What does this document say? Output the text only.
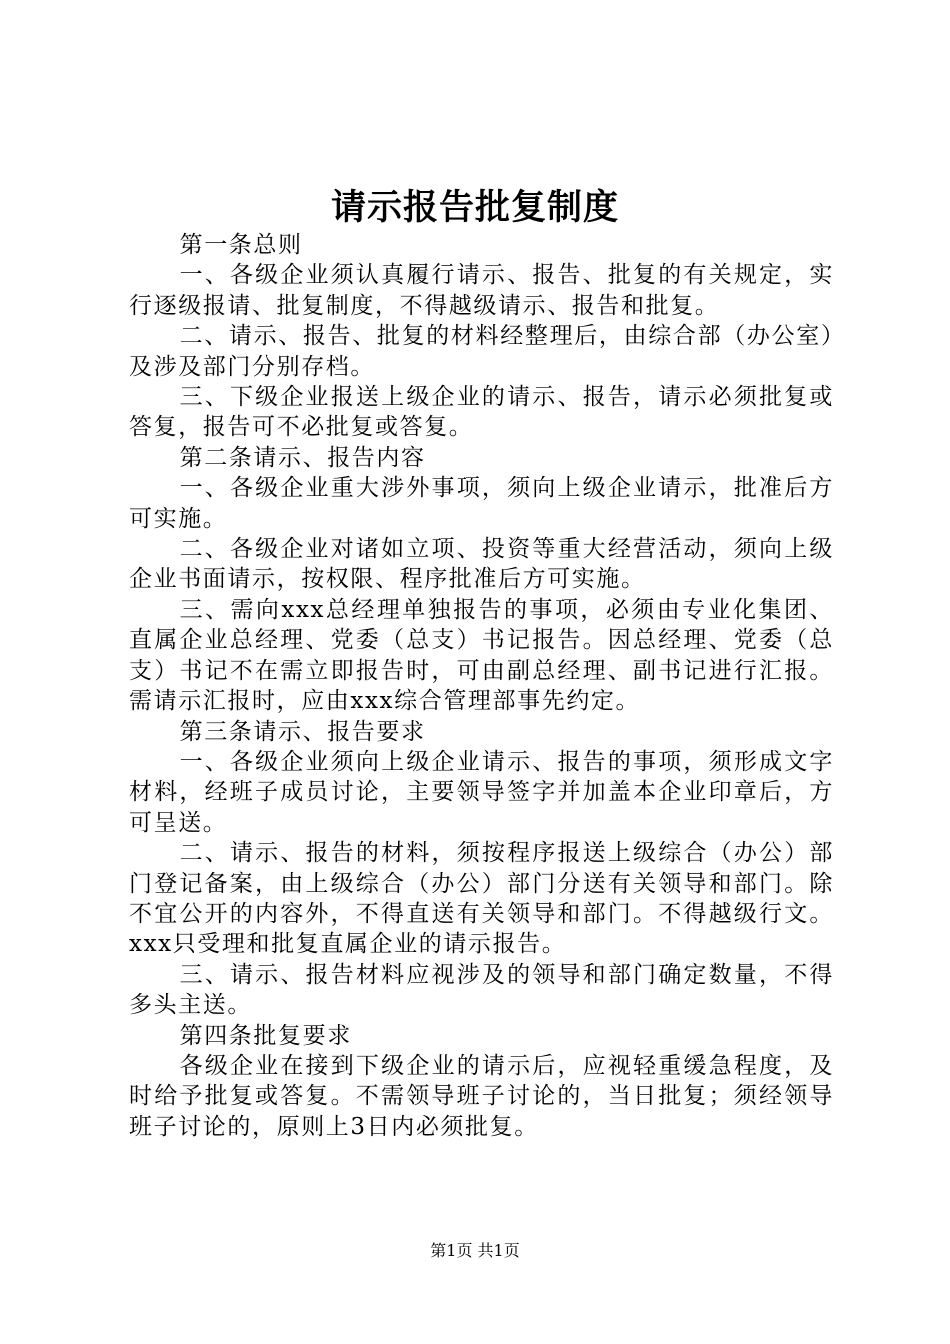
请示报告批复制度

第一条总则

一、各级企业须认真履行请示、报告、批复的有关规定，实行逐级报请、批复制度，不得越级请示、报告和批复。

二、请示、报告、批复的材料经整理后，由综合部（办公室）及涉及部门分别存档。

三、下级企业报送上级企业的请示、报告，请示必须批复或答复，报告可不必批复或答复。

第二条请示、报告内容

一、各级企业重大涉外事项，须向上级企业请示，批准后方可实施。

二、各级企业对诸如立项、投资等重大经营活动，须向上级企业书面请示，按权限、程序批准后方可实施。

三、需向xxx总经理单独报告的事项，必须由专业化集团、直属企业总经理、党委（总支）书记报告。因总经理、党委（总支）书记不在需立即报告时，可由副总经理、副书记进行汇报。需请示汇报时，应由xxx综合管理部事先约定。

第三条请示、报告要求

一、各级企业须向上级企业请示、报告的事项，须形成文字材料，经班子成员讨论，主要领导签字并加盖本企业印章后，方可呈送。

二、请示、报告的材料，须按程序报送上级综合（办公）部门登记备案，由上级综合（办公）部门分送有关领导和部门。除不宜公开的内容外，不得直送有关领导和部门。不得越级行文。xxx只受理和批复直属企业的请示报告。

三、请示、报告材料应视涉及的领导和部门确定数量，不得多头主送。

第四条批复要求

各级企业在接到下级企业的请示后，应视轻重缓急程度，及时给予批复或答复。不需领导班子讨论的，当日批复；须经领导班子讨论的，原则上3日内必须批复。

第1页 共1页
